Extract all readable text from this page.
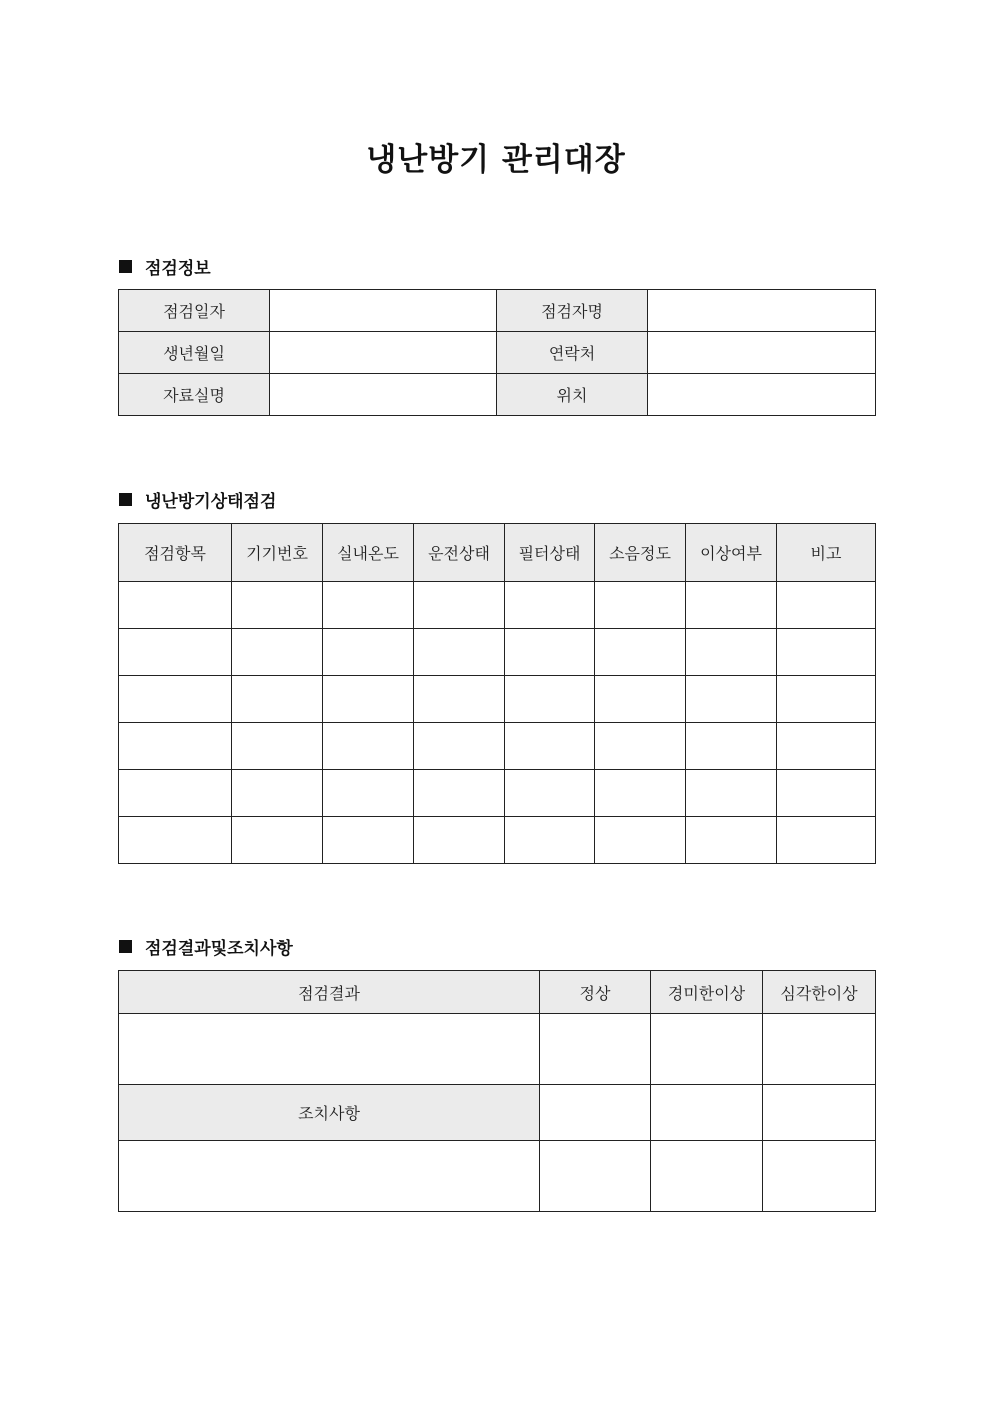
냉난방기 관리대장
점검정보
점검일자		점검자명	
생년월일		연락처	
자료실명		위치	
냉난방기상태점검
점검항목	기기번호	실내온도	운전상태	필터상태	소음정도	이상여부	비고

점검결과및조치사항
점검결과	정상	경미한이상	심각한이상

조치사항			
